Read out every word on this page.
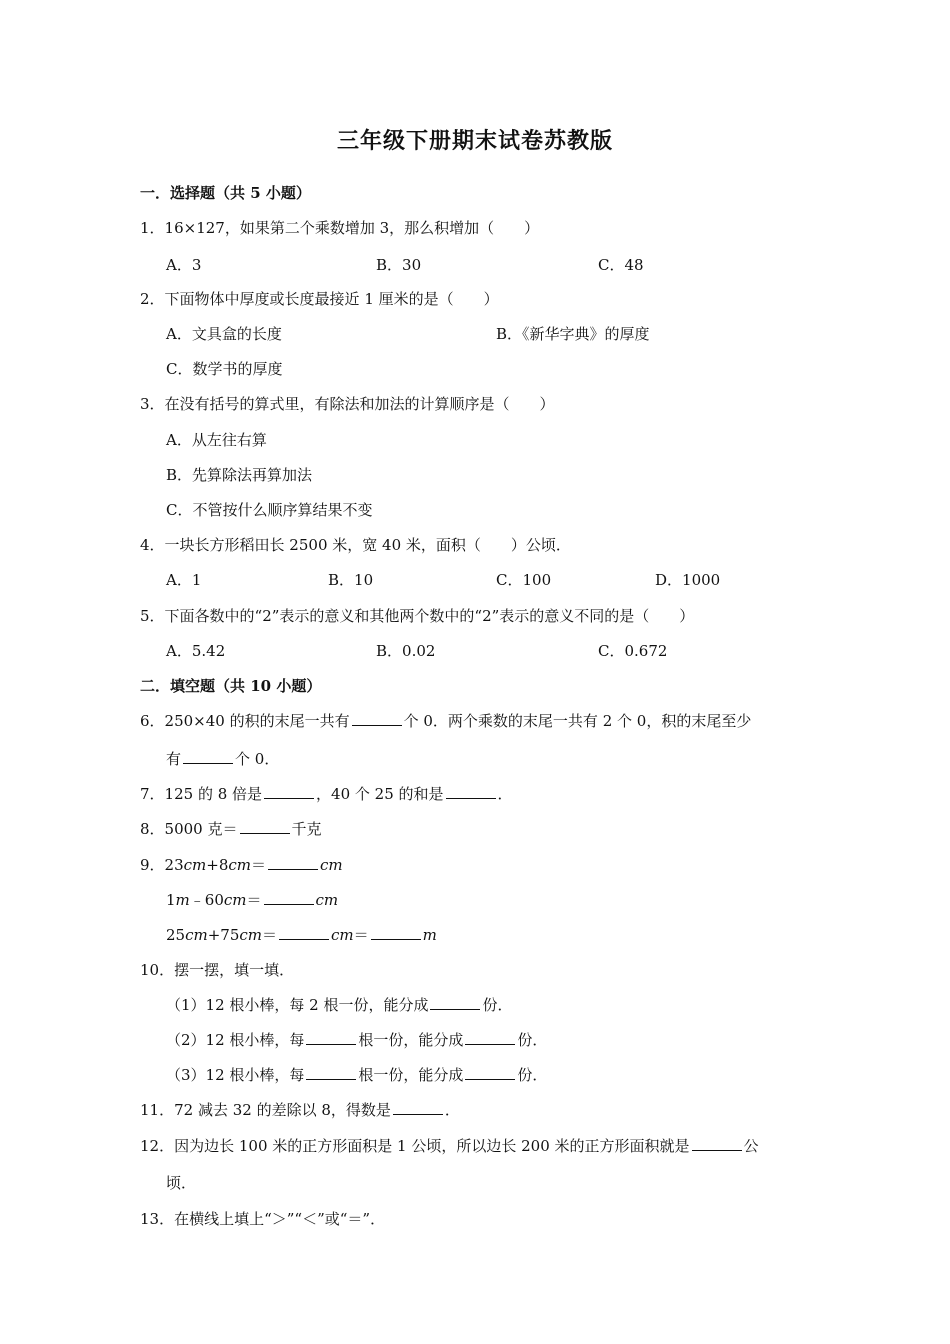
三年级下册期末试卷苏教版
一．选择题（共 5 小题）
1．16×127，如果第二个乘数增加 3，那么积增加（　　）
A．3	B．30	C．48
2．下面物体中厚度或长度最接近 1 厘米的是（　　）
A．文具盒的长度	B．《新华字典》的厚度
C．数学书的厚度
3．在没有括号的算式里，有除法和加法的计算顺序是（　　）
A．从左往右算
B．先算除法再算加法
C．不管按什么顺序算结果不变
4．一块长方形稻田长 2500 米，宽 40 米，面积（　　）公顷．
A．1	B．10	C．100	D．1000
5．下面各数中的“2”表示的意义和其他两个数中的“2”表示的意义不同的是（　　）
A．5.42	B．0.02	C．0.672
二．填空题（共 10 小题）
6．250×40 的积的末尾一共有	个 0．两个乘数的末尾一共有 2 个 0，积的末尾至少
有	个 0．
7．125 的 8 倍是	，40 个 25 的和是	．
8．5000 克＝	千克
9．23cm+8cm＝	cm
1m﹣60cm＝	cm
25cm+75cm＝	cm＝	m
10．摆一摆，填一填．
（1）12 根小棒，每 2 根一份，能分成	份．
（2）12 根小棒，每	根一份，能分成	份．
（3）12 根小棒，每	根一份，能分成	份．
11．72 减去 32 的差除以 8，得数是	．
12．因为边长 100 米的正方形面积是 1 公顷，所以边长 200 米的正方形面积就是	公
顷．
13．在横线上填上“＞”“＜”或“＝”．
